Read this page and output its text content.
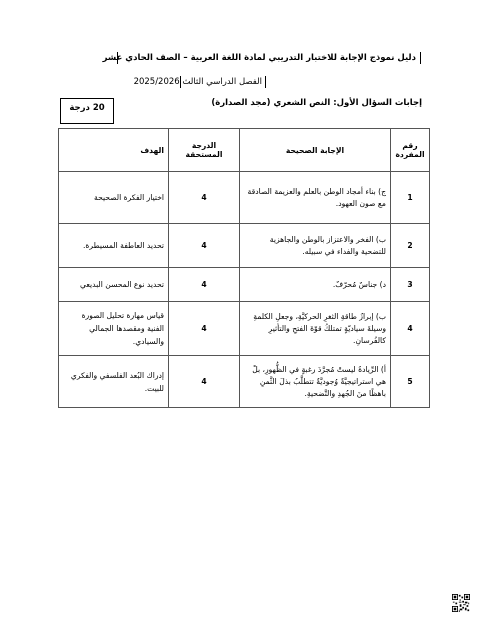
دليل نموذج الإجابة للاختبار التدريبي لمادة اللغة العربية – الصف الحادي عشر
الفصل الدراسي الثالث 2025/2026
إجابات السؤال الأول: النص الشعري (مجد الصدارة)
20 درجة
رقم المفردة	الإجابة الصحيحة	الدرجة المستحقة	الهدف
1	ج) بناء أمجاد الوطن بالعلم والعزيمة الصادقة مع صون العهود.	4	اختيار الفكرة الصحيحة
2	ب) الفخر والاعتزاز بالوطن والجاهزية للتضحية والفداء في سبيله.	4	تحديد العاطفة المسيطرة.
3	د) جناسٌ مُحرّفٌ.	4	تحديد نوع المحسن البديعي
4	ب) إبرازُ طاقةِ الثغرِ الحركيَّةِ، وجعلِ الكلمةِ وسيلةَ سياديّةٍ تمتلكُ قوّةَ الفتحِ والتأثيرِ كالفُرسانِ.	4	قياس مهارة تحليل الصورة الفنية ومقصدها الجمالي والسيادي.
5	أ) الرِّيادةُ ليستْ مُجرَّدَ رغبةٍ في الظُّهورِ، بلْ هي استراتيجيَّةٌ وُجوديَّةٌ تتطلَّبُ بذلَ الثَّمنِ باهظًا منَ الجُهدِ والتَّضحيةِ.	4	إدراك البُعد الفلسفي والفكري للبيت.
